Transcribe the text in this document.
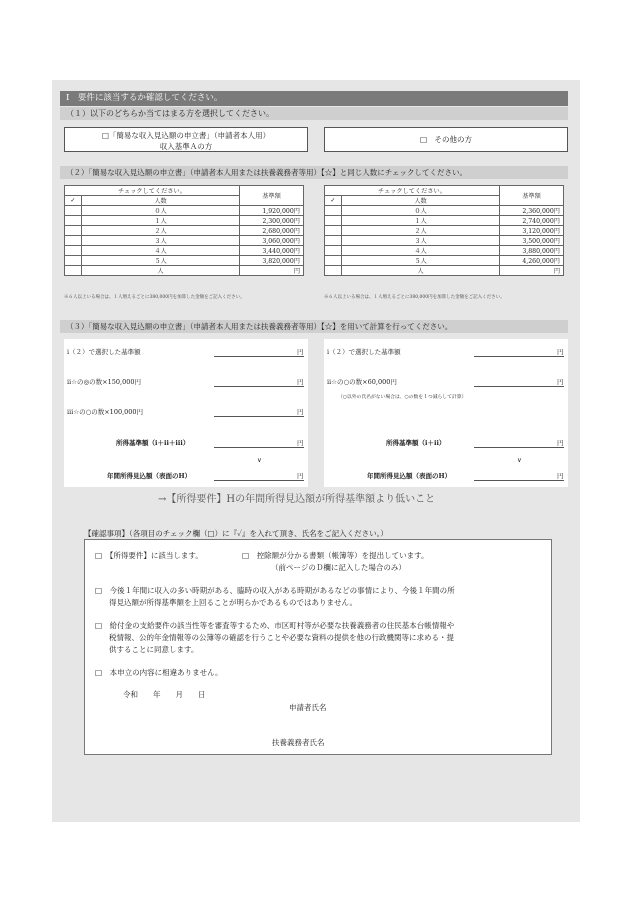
Ⅰ　要件に該当するか確認してください。
（１）以下のどちらか当てはまる方を選択してください。
□「簡易な収入見込額の申立書」（申請者本人用）
収入基準Ａの方
□　その他の方
（２）「簡易な収入見込額の申立書」（申請者本人用または扶養義務者等用）【☆】と同じ人数にチェックしてください。
チェックしてください。		基準額
✓	人数	
	０人	1,920,000円
	１人	2,300,000円
	２人	2,680,000円
	３人	3,060,000円
	４人	3,440,000円
	５人	3,820,000円
	人	円
チェックしてください。		基準額
✓	人数	
	０人	2,360,000円
	１人	2,740,000円
	２人	3,120,000円
	３人	3,500,000円
	４人	3,880,000円
	５人	4,260,000円
	人	円
※６人以上いる場合は、１人増えるごとに380,000円を加算した金額をご記入ください。	※６人以上いる場合は、１人増えるごとに380,000円を加算した金額をご記入ください。
（３）「簡易な収入見込額の申立書」（申請者本人用または扶養義務者等用）【☆】を用いて計算を行ってください。
ⅰ（２）で選択した基準額	円
ⅱ☆の◎の数×150,000円	円
ⅲ☆の○の数×100,000円	円
所得基準額（ⅰ＋ⅱ＋ⅲ）	円
∨
年間所得見込額（表面のH）	円
ⅰ（２）で選択した基準額	円
ⅱ☆の○の数×60,000円	円
（○以外の氏名がない場合は、○の数を１つ減らして計算）
所得基準額（ⅰ＋ⅱ）	円
∨
年間所得見込額（表面のH）	円
→【所得要件】Hの年間所得見込額が所得基準額より低いこと
【確認事項】（各項目のチェック欄（□）に『✓』を入れて頂き、氏名をご記入ください。）
□　【所得要件】に該当します。	□　控除額が分かる書類（帳簿等）を提出しています。
（前ページのＤ欄に記入した場合のみ）
□　今後１年間に収入の多い時期がある、臨時の収入がある時期があるなどの事情により、今後１年間の所
得見込額が所得基準額を上回ることが明らかであるものではありません。
□　給付金の支給要件の該当性等を審査等するため、市区町村等が必要な扶養義務者の住民基本台帳情報や
税情報、公的年金情報等の公簿等の確認を行うことや必要な資料の提供を他の行政機関等に求める・提
供することに同意します。
□　本申立の内容に相違ありません。
令和　　年　　月　　日
申請者氏名
扶養義務者氏名
